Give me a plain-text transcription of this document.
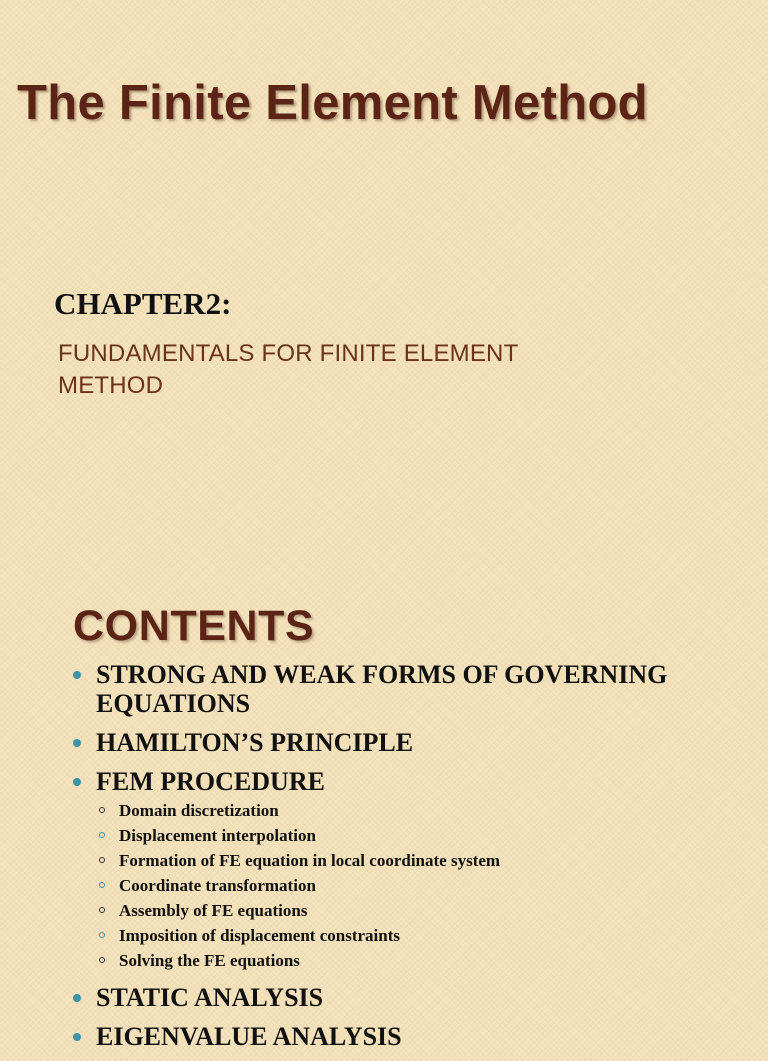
The Finite Element Method
CHAPTER2:

FUNDAMENTALS FOR FINITE ELEMENT METHOD

CONTENTS
STRONG AND WEAK FORMS OF GOVERNING EQUATIONS
HAMILTON’S PRINCIPLE
FEM PROCEDURE
Domain discretization
Displacement interpolation
Formation of FE equation in local coordinate system
Coordinate transformation
Assembly of FE equations
Imposition of displacement constraints
Solving the FE equations
STATIC ANALYSIS
EIGENVALUE ANALYSIS
